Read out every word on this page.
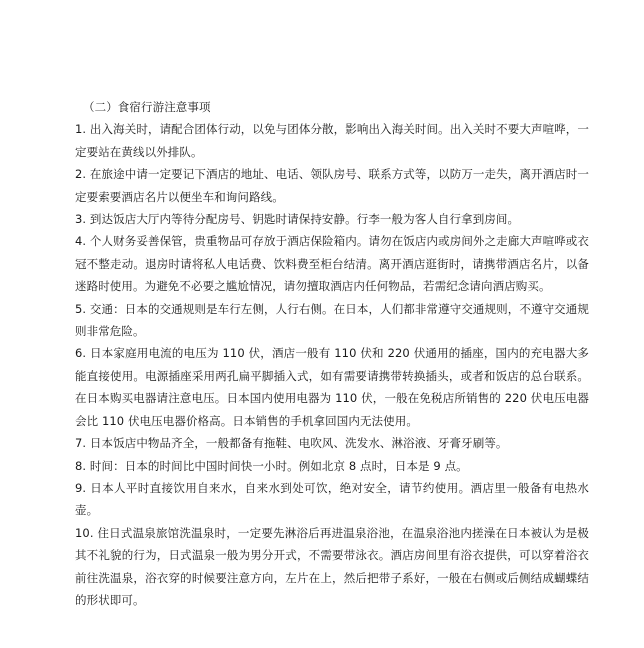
（二）食宿行游注意事项

1. 出入海关时，请配合团体行动，以免与团体分散，影响出入海关时间。出入关时不要大声喧哗，一定要站在黄线以外排队。

2. 在旅途中请一定要记下酒店的地址、电话、领队房号、联系方式等，以防万一走失，离开酒店时一定要索要酒店名片以便坐车和询问路线。

3. 到达饭店大厅内等待分配房号、钥匙时请保持安静。行李一般为客人自行拿到房间。

4. 个人财务妥善保管，贵重物品可存放于酒店保险箱内。请勿在饭店内或房间外之走廊大声喧哗或衣冠不整走动。退房时请将私人电话费、饮料费至柜台结清。离开酒店逛街时，请携带酒店名片，以备迷路时使用。为避免不必要之尴尬情况，请勿擅取酒店内任何物品，若需纪念请向酒店购买。

5. 交通：日本的交通规则是车行左侧，人行右侧。在日本，人们都非常遵守交通规则，不遵守交通规则非常危险。

6. 日本家庭用电流的电压为 110 伏，酒店一般有 110 伏和 220 伏通用的插座，国内的充电器大多能直接使用。电源插座采用两孔扁平脚插入式，如有需要请携带转换插头，或者和饭店的总台联系。在日本购买电器请注意电压。日本国内使用电器为 110 伏，一般在免税店所销售的 220 伏电压电器会比 110 伏电压电器价格高。日本销售的手机拿回国内无法使用。

7. 日本饭店中物品齐全，一般都备有拖鞋、电吹风、洗发水、淋浴液、牙膏牙刷等。

8. 时间：日本的时间比中国时间快一小时。例如北京 8 点时，日本是 9 点。

9. 日本人平时直接饮用自来水，自来水到处可饮，绝对安全，请节约使用。酒店里一般备有电热水壶。

10. 住日式温泉旅馆洗温泉时，一定要先淋浴后再进温泉浴池，在温泉浴池内搓澡在日本被认为是极其不礼貌的行为，日式温泉一般为男分开式，不需要带泳衣。酒店房间里有浴衣提供，可以穿着浴衣前往洗温泉，浴衣穿的时候要注意方向，左片在上，然后把带子系好，一般在右侧或后侧结成蝴蝶结的形状即可。
